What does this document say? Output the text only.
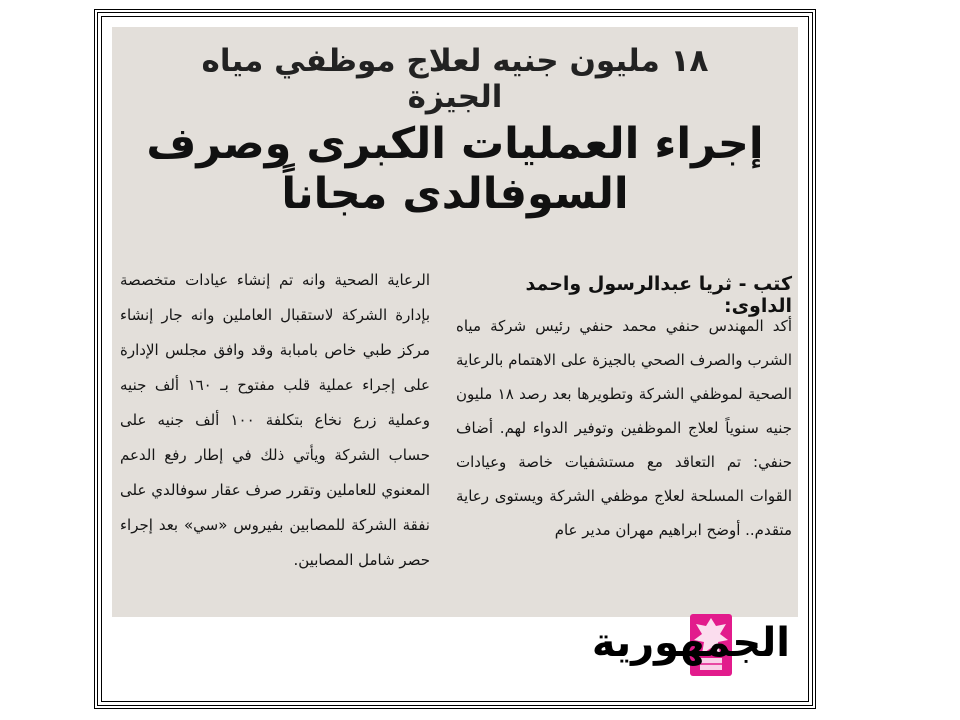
١٨ مليون جنيه لعلاج موظفي مياه الجيزة
إجراء العمليات الكبرى وصرف السوفالدى مجاناً
كتب - ثريا عبدالرسول واحمد الداوى:

أكد المهندس حنفي محمد حنفي رئيس شركة مياه الشرب والصرف الصحي بالجيزة على الاهتمام بالرعاية الصحية لموظفي الشركة وتطويرها بعد رصد ١٨ مليون جنيه سنوياً لعلاج الموظفين وتوفير الدواء لهم. أضاف حنفي: تم التعاقد مع مستشفيات خاصة وعيادات القوات المسلحة لعلاج موظفي الشركة ويستوى رعاية متقدم.. أوضح ابراهيم مهران مدير عام

الرعاية الصحية وانه تم إنشاء عيادات متخصصة بإدارة الشركة لاستقبال العاملين وانه جار إنشاء مركز طبي خاص بامبابة وقد وافق مجلس الإدارة على إجراء عملية قلب مفتوح بـ ١٦٠ ألف جنيه وعملية زرع نخاع بتكلفة ١٠٠ ألف جنيه على حساب الشركة ويأتي ذلك في إطار رفع الدعم المعنوي للعاملين وتقرر صرف عقار سوفالدي على نفقة الشركة للمصابين بفيروس «سي» بعد إجراء حصر شامل المصابين.

الجمهورية
